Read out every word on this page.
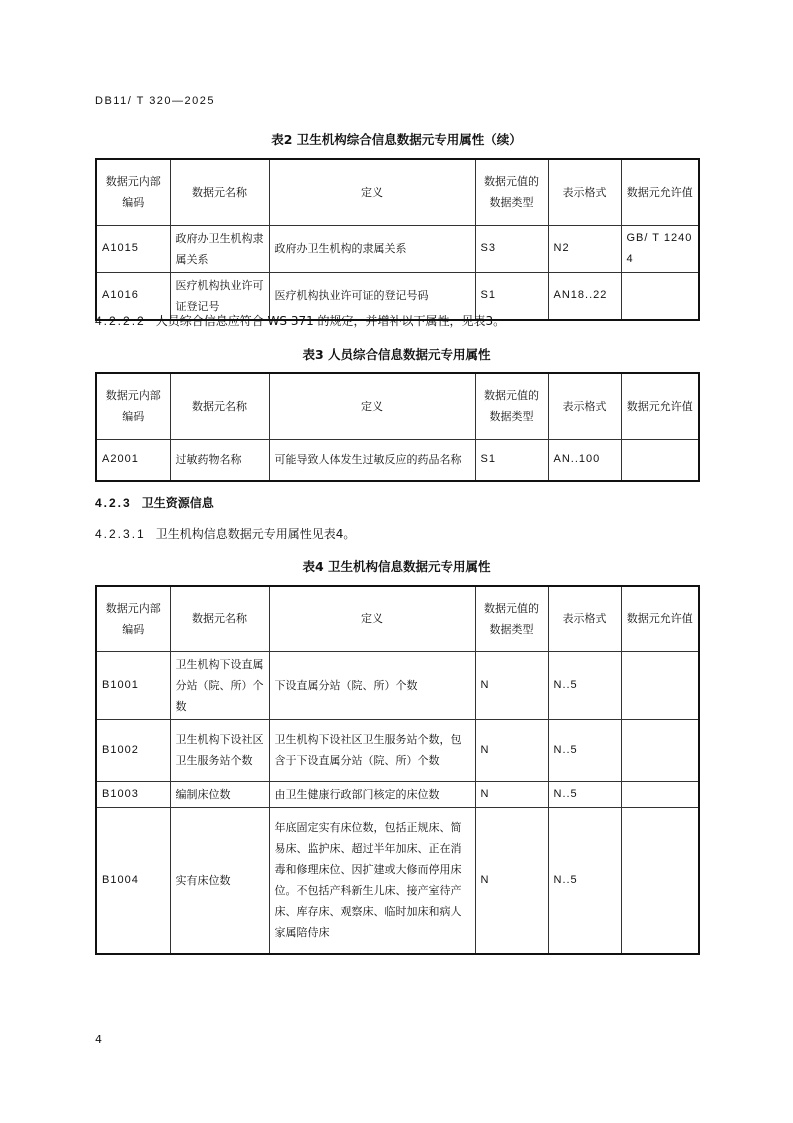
DB11/ T 320—2025
表2 卫生机构综合信息数据元专用属性（续）
数据元内部编码	数据元名称	定义	数据元值的数据类型	表示格式	数据元允许值
A1015	政府办卫生机构隶属关系	政府办卫生机构的隶属关系	S3	N2	GB/ T 12404
A1016	医疗机构执业许可证登记号	医疗机构执业许可证的登记号码	S1	AN18..22	
4.2.2.2 人员综合信息应符合 WS 371 的规定，并增补以下属性，见表3。
表3 人员综合信息数据元专用属性
数据元内部编码	数据元名称	定义	数据元值的数据类型	表示格式	数据元允许值
A2001	过敏药物名称	可能导致人体发生过敏反应的药品名称	S1	AN..100	
4.2.3 卫生资源信息
4.2.3.1 卫生机构信息数据元专用属性见表4。
表4 卫生机构信息数据元专用属性
数据元内部编码	数据元名称	定义	数据元值的数据类型	表示格式	数据元允许值
B1001	卫生机构下设直属分站（院、所）个数	下设直属分站（院、所）个数	N	N..5	
B1002	卫生机构下设社区卫生服务站个数	卫生机构下设社区卫生服务站个数，包含于下设直属分站（院、所）个数	N	N..5	
B1003	编制床位数	由卫生健康行政部门核定的床位数	N	N..5	
B1004	实有床位数	年底固定实有床位数，包括正规床、简易床、监护床、超过半年加床、正在消毒和修理床位、因扩建或大修而停用床位。不包括产科新生儿床、接产室待产床、库存床、观察床、临时加床和病人家属陪侍床	N	N..5	
4
